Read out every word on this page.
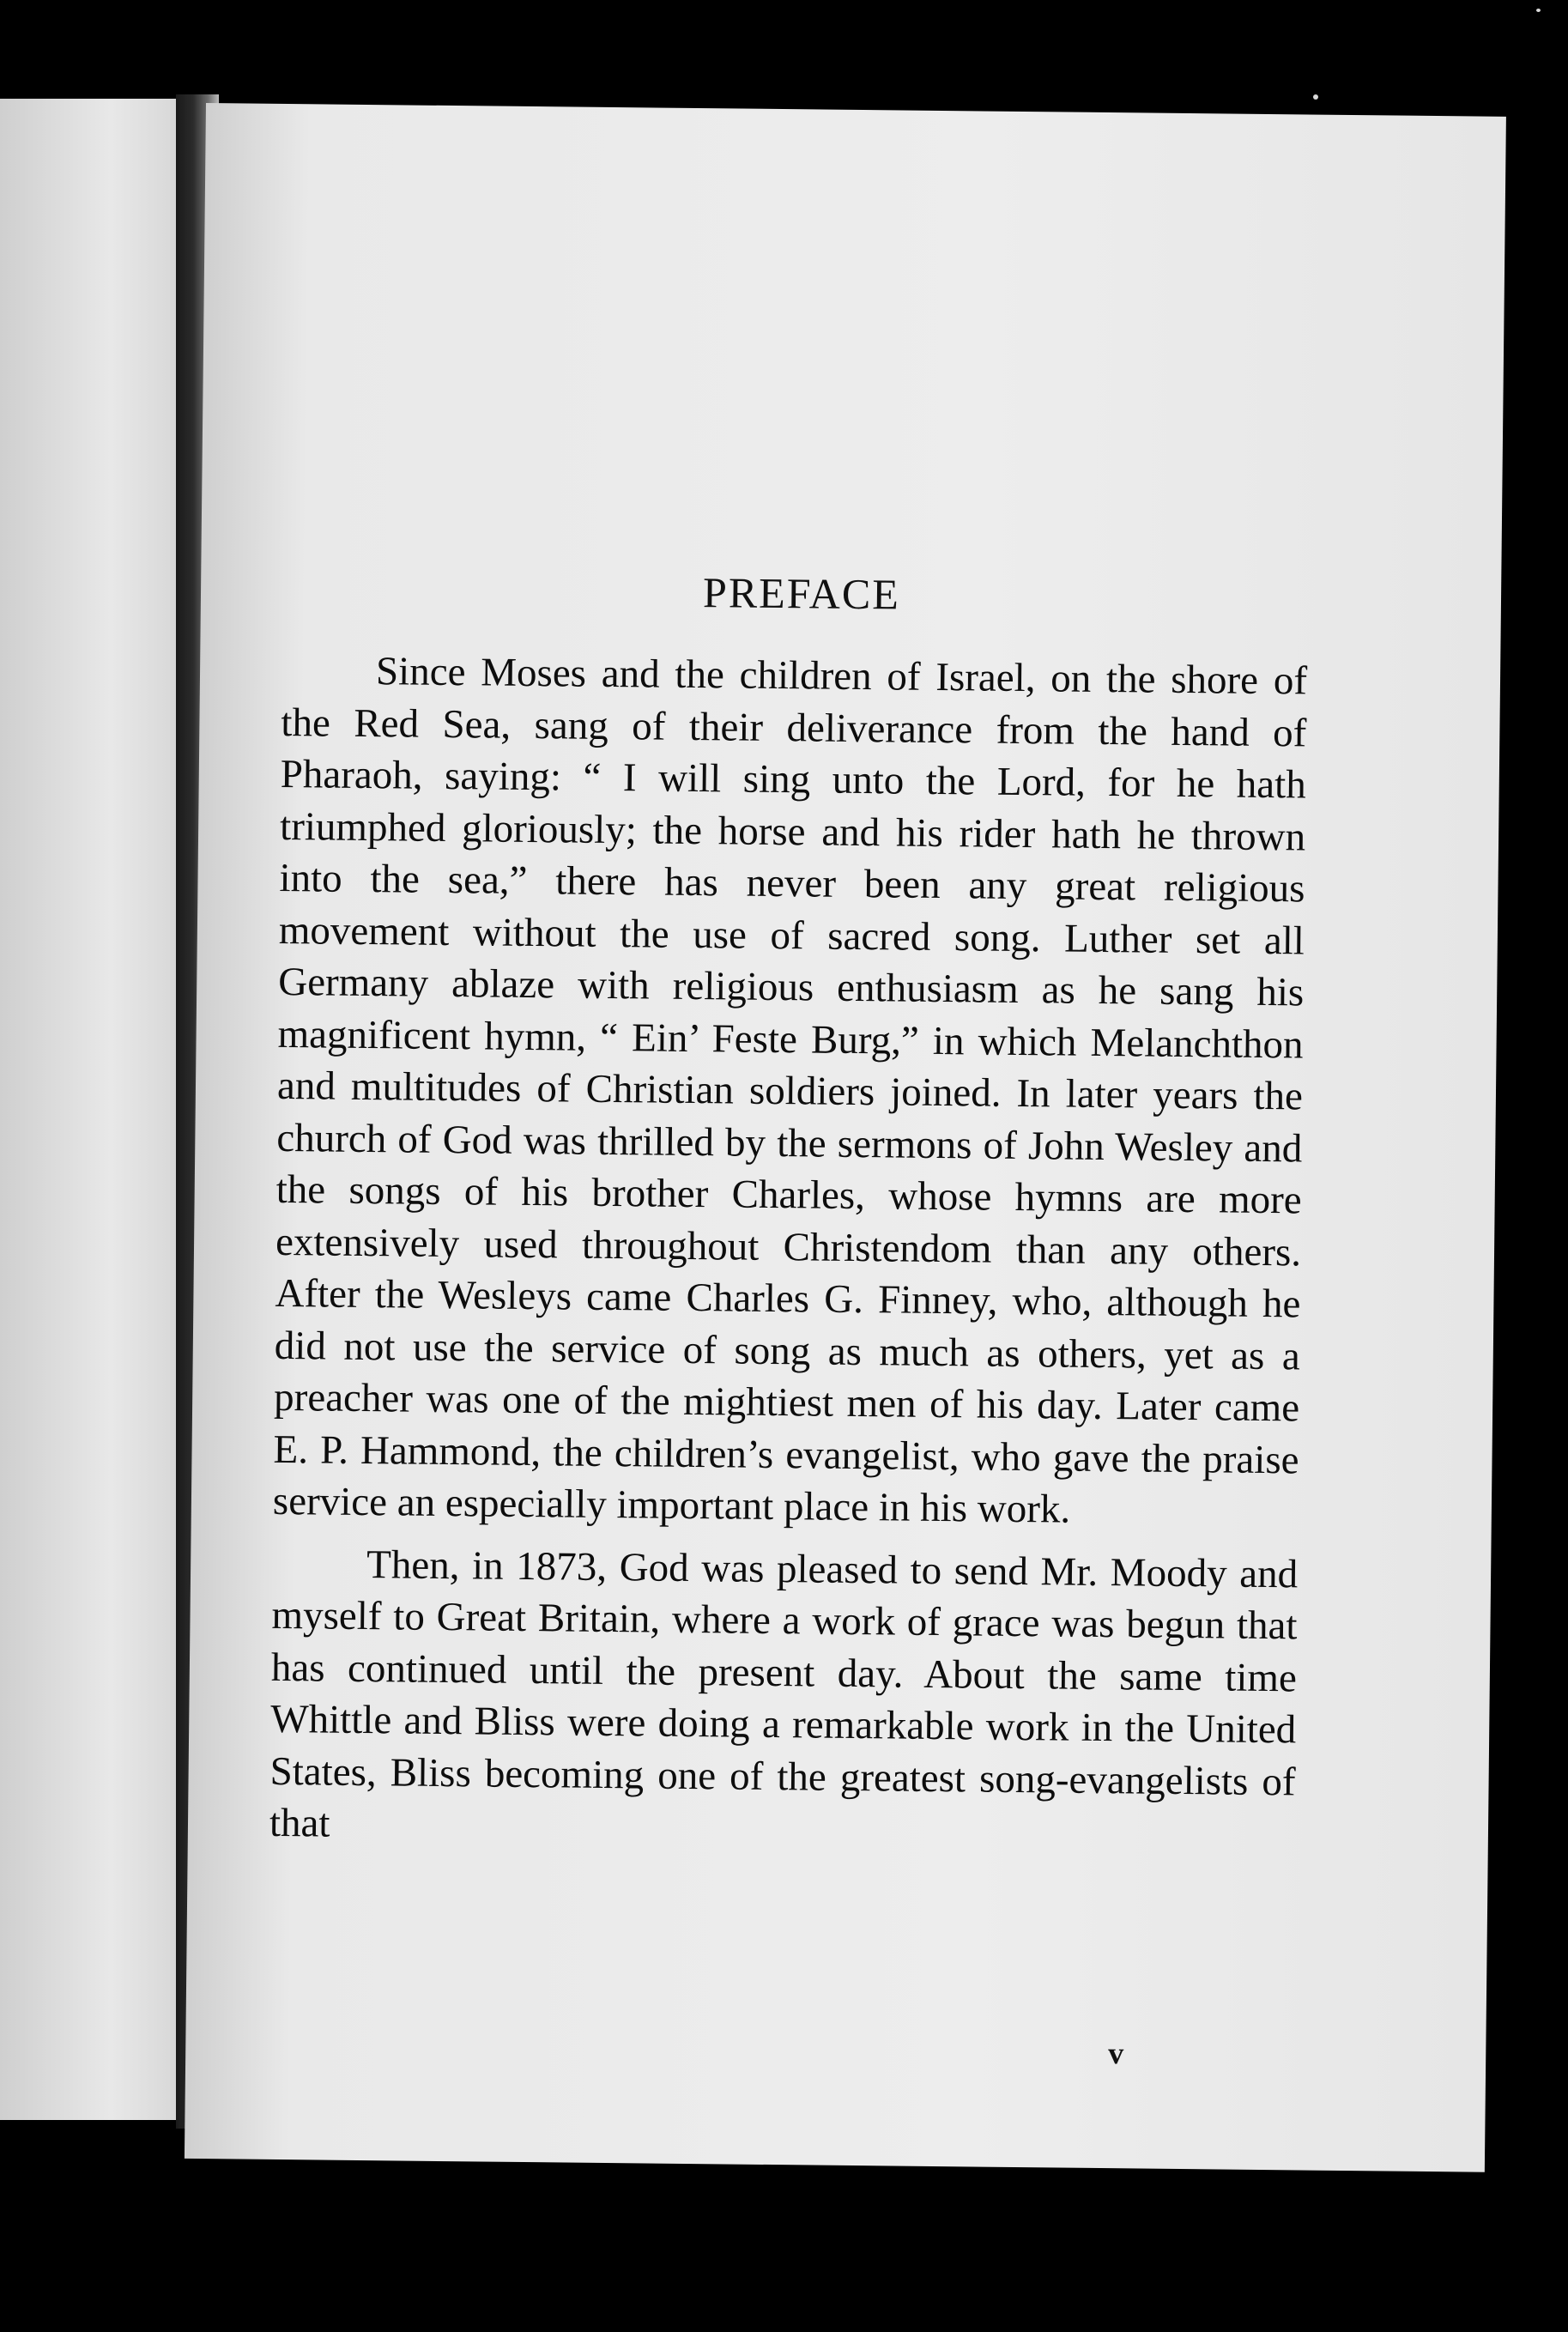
PREFACE

Since Moses and the children of Israel, on the shore of the Red Sea, sang of their deliverance from the hand of Pharaoh, saying: “ I will sing unto the Lord, for he hath triumphed gloriously; the horse and his rider hath he thrown into the sea,” there has never been any great religious movement without the use of sacred song. Luther set all Germany ablaze with religious enthusiasm as he sang his magnificent hymn, “ Ein’ Feste Burg,” in which Melanchthon and multitudes of Christian soldiers joined. In later years the church of God was thrilled by the sermons of John Wesley and the songs of his brother Charles, whose hymns are more extensively used throughout Christendom than any others. After the Wesleys came Charles G. Finney, who, although he did not use the service of song as much as others, yet as a preacher was one of the mightiest men of his day. Later came E. P. Hammond, the children’s evangelist, who gave the praise service an especially important place in his work.

Then, in 1873, God was pleased to send Mr. Moody and myself to Great Britain, where a work of grace was begun that has continued until the present day. About the same time Whittle and Bliss were doing a remarkable work in the United States, Bliss becoming one of the greatest song-evangelists of that

v
